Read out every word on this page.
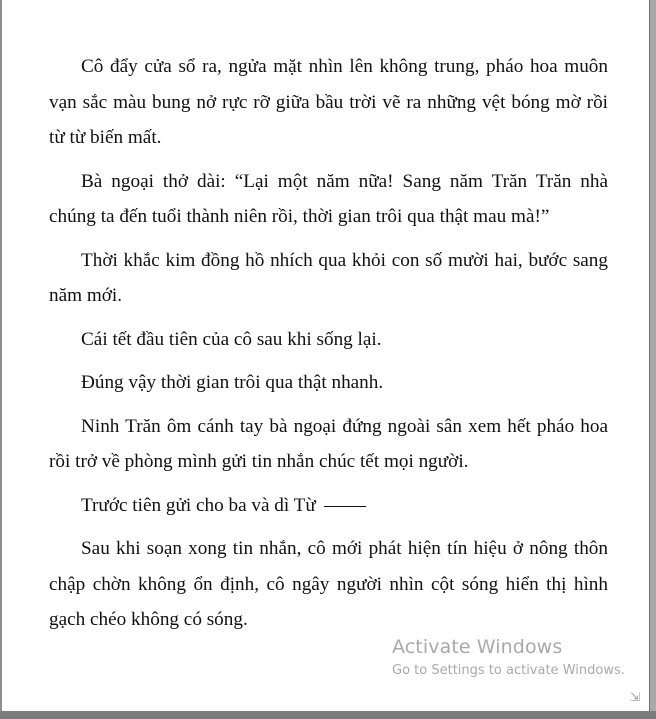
Cô đẩy cửa sổ ra, ngửa mặt nhìn lên không trung, pháo hoa muôn vạn sắc màu bung nở rực rỡ giữa bầu trời vẽ ra những vệt bóng mờ rồi từ từ biến mất.

Bà ngoại thở dài: “Lại một năm nữa! Sang năm Trăn Trăn nhà chúng ta đến tuổi thành niên rồi, thời gian trôi qua thật mau mà!”

Thời khắc kim đồng hồ nhích qua khỏi con số mười hai, bước sang năm mới.

Cái tết đầu tiên của cô sau khi sống lại.

Đúng vậy thời gian trôi qua thật nhanh.

Ninh Trăn ôm cánh tay bà ngoại đứng ngoài sân xem hết pháo hoa rồi trở về phòng mình gửi tin nhắn chúc tết mọi người.

Trước tiên gửi cho ba và dì Từ

Sau khi soạn xong tin nhắn, cô mới phát hiện tín hiệu ở nông thôn chập chờn không ổn định, cô ngây người nhìn cột sóng hiển thị hình gạch chéo không có sóng.

Activate Windows
Go to Settings to activate Windows.
⇲
